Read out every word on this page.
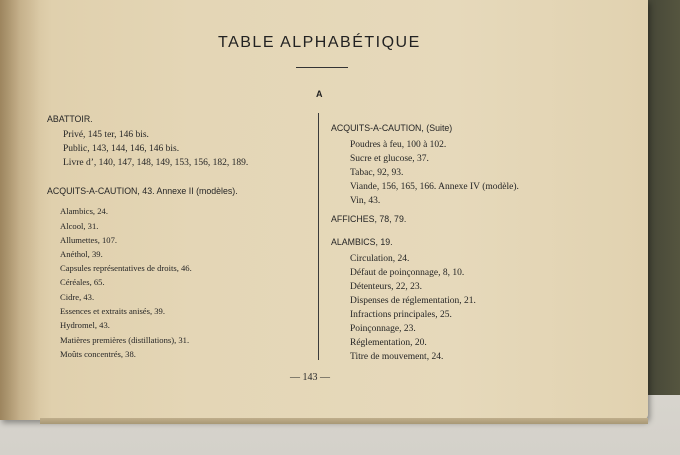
TABLE ALPHABÉTIQUE
A
ABATTOIR.
Privé, 145 ter, 146 bis.
Public, 143, 144, 146, 146 bis.
Livre d’, 140, 147, 148, 149, 153, 156, 182, 189.
ACQUITS-A-CAUTION, 43. Annexe II (modèles).
Alambics, 24.
Alcool, 31.
Allumettes, 107.
Anéthol, 39.
Capsules représentatives de droits, 46.
Céréales, 65.
Cidre, 43.
Essences et extraits anisés, 39.
Hydromel, 43.
Matières premières (distillations), 31.
Moûts concentrés, 38.
ACQUITS-A-CAUTION, (Suite)
Poudres à feu, 100 à 102.
Sucre et glucose, 37.
Tabac, 92, 93.
Viande, 156, 165, 166. Annexe IV (modèle).
Vin, 43.
AFFICHES, 78, 79.
ALAMBICS, 19.
Circulation, 24.
Défaut de poinçonnage, 8, 10.
Détenteurs, 22, 23.
Dispenses de réglementation, 21.
Infractions principales, 25.
Poinçonnage, 23.
Réglementation, 20.
Titre de mouvement, 24.
— 143 —
